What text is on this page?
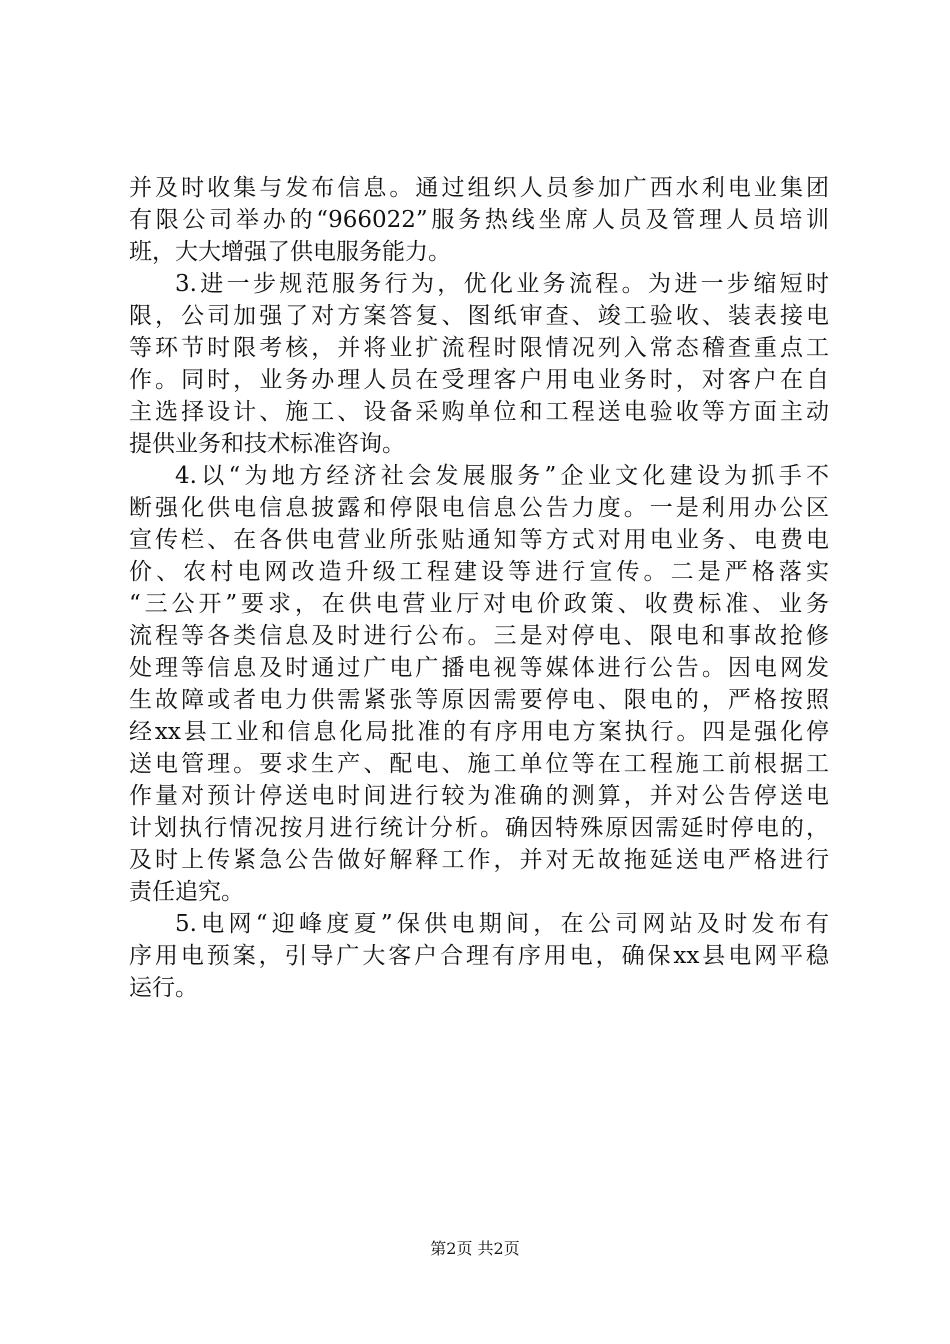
并及时收集与发布信息。通过组织人员参加广西水利电业集团
有限公司举办的“966022”服务热线坐席人员及管理人员培训
班，大大增强了供电服务能力。
3.进一步规范服务行为，优化业务流程。为进一步缩短时
限，公司加强了对方案答复、图纸审查、竣工验收、装表接电
等环节时限考核，并将业扩流程时限情况列入常态稽查重点工
作。同时，业务办理人员在受理客户用电业务时，对客户在自
主选择设计、施工、设备采购单位和工程送电验收等方面主动
提供业务和技术标准咨询。
4.以“为地方经济社会发展服务”企业文化建设为抓手不
断强化供电信息披露和停限电信息公告力度。一是利用办公区
宣传栏、在各供电营业所张贴通知等方式对用电业务、电费电
价、农村电网改造升级工程建设等进行宣传。二是严格落实
“三公开”要求，在供电营业厅对电价政策、收费标准、业务
流程等各类信息及时进行公布。三是对停电、限电和事故抢修
处理等信息及时通过广电广播电视等媒体进行公告。因电网发
生故障或者电力供需紧张等原因需要停电、限电的，严格按照
经xx县工业和信息化局批准的有序用电方案执行。四是强化停
送电管理。要求生产、配电、施工单位等在工程施工前根据工
作量对预计停送电时间进行较为准确的测算，并对公告停送电
计划执行情况按月进行统计分析。确因特殊原因需延时停电的，
及时上传紧急公告做好解释工作，并对无故拖延送电严格进行
责任追究。
5.电网“迎峰度夏”保供电期间，在公司网站及时发布有
序用电预案，引导广大客户合理有序用电，确保xx县电网平稳
运行。
第2页 共2页
